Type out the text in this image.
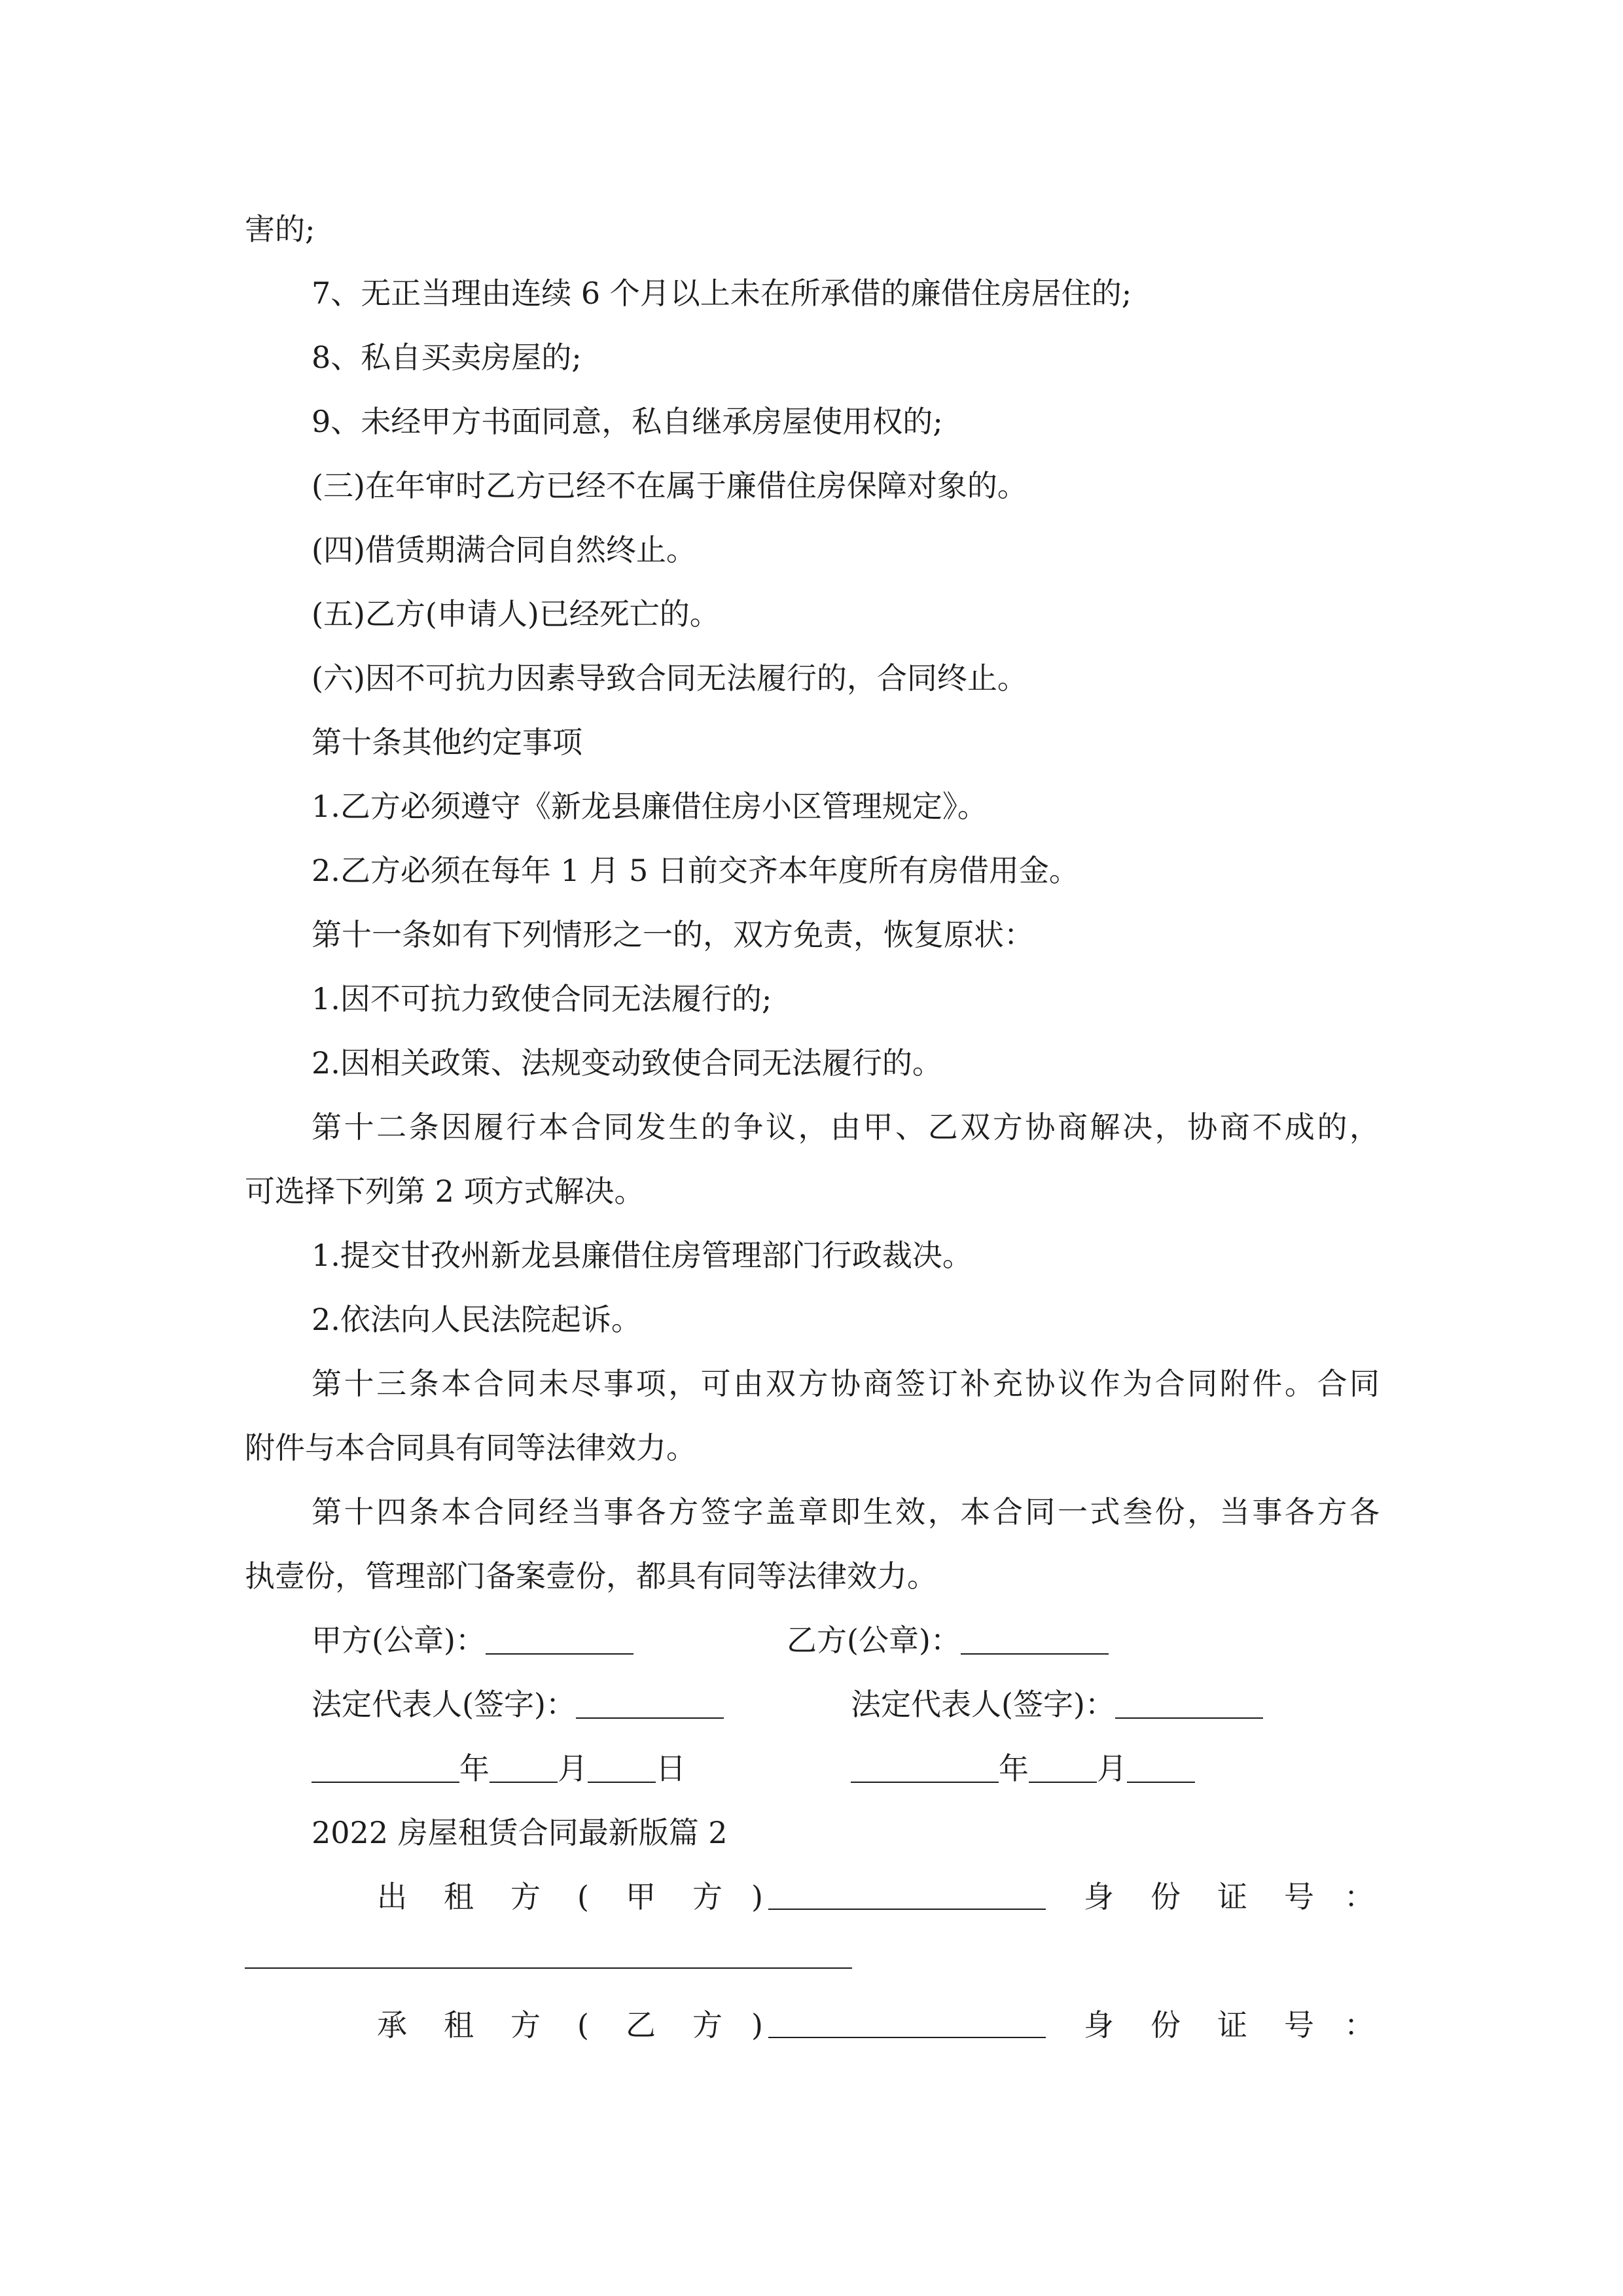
害的;
7、无正当理由连续 6 个月以上未在所承借的廉借住房居住的;
8、私自买卖房屋的;
9、未经甲方书面同意，私自继承房屋使用权的;
(三)在年审时乙方已经不在属于廉借住房保障对象的。
(四)借赁期满合同自然终止。
(五)乙方(申请人)已经死亡的。
(六)因不可抗力因素导致合同无法履行的，合同终止。
第十条其他约定事项
1.乙方必须遵守《新龙县廉借住房小区管理规定》。
2.乙方必须在每年 1 月 5 日前交齐本年度所有房借用金。
第十一条如有下列情形之一的，双方免责，恢复原状：
1.因不可抗力致使合同无法履行的;
2.因相关政策、法规变动致使合同无法履行的。
第十二条因履行本合同发生的争议，由甲、乙双方协商解决，协商不成的，
可选择下列第 2 项方式解决。
1.提交甘孜州新龙县廉借住房管理部门行政裁决。
2.依法向人民法院起诉。
第十三条本合同未尽事项，可由双方协商签订补充协议作为合同附件。合同
附件与本合同具有同等法律效力。
第十四条本合同经当事各方签字盖章即生效，本合同一式叁份，当事各方各
执壹份，管理部门备案壹份，都具有同等法律效力。
甲方(公章)：	乙方(公章)：
法定代表人(签字)：	法定代表人(签字)：
年 月 日	年 月
2022 房屋租赁合同最新版篇 2
出 租 方 ( 甲 方 )	身 份 证 号 ：
承 租 方 ( 乙 方 )	身 份 证 号 ：
